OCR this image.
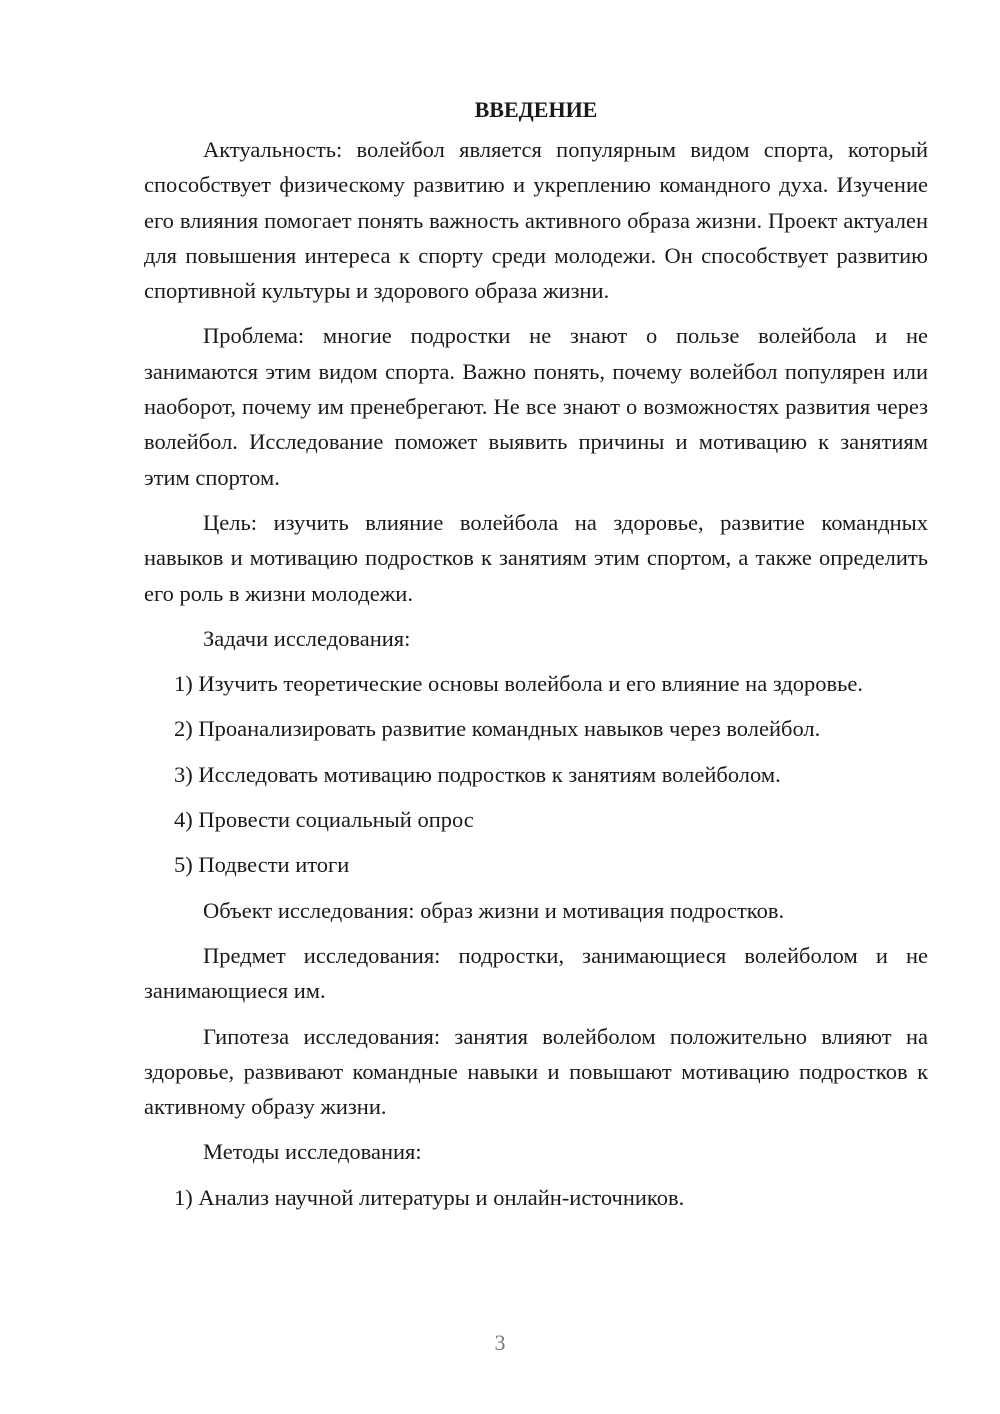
ВВЕДЕНИЕ

Актуальность: волейбол является популярным видом спорта, который способствует физическому развитию и укреплению командного духа. Изучение его влияния помогает понять важность активного образа жизни. Проект актуален для повышения интереса к спорту среди молодежи. Он способствует развитию спортивной культуры и здорового образа жизни.

Проблема: многие подростки не знают о пользе волейбола и не занимаются этим видом спорта. Важно понять, почему волейбол популярен или наоборот, почему им пренебрегают. Не все знают о возможностях развития через волейбол. Исследование поможет выявить причины и мотивацию к занятиям этим спортом.

Цель: изучить влияние волейбола на здоровье, развитие командных навыков и мотивацию подростков к занятиям этим спортом, а также определить его роль в жизни молодежи.

Задачи исследования:

1) Изучить теоретические основы волейбола и его влияние на здоровье.

2) Проанализировать развитие командных навыков через волейбол.

3) Исследовать мотивацию подростков к занятиям волейболом.

4) Провести социальный опрос

5) Подвести итоги

Объект исследования: образ жизни и мотивация подростков.

Предмет исследования: подростки, занимающиеся волейболом и не занимающиеся им.

Гипотеза исследования: занятия волейболом положительно влияют на здоровье, развивают командные навыки и повышают мотивацию подростков к активному образу жизни.

Методы исследования:

1) Анализ научной литературы и онлайн-источников.

3
